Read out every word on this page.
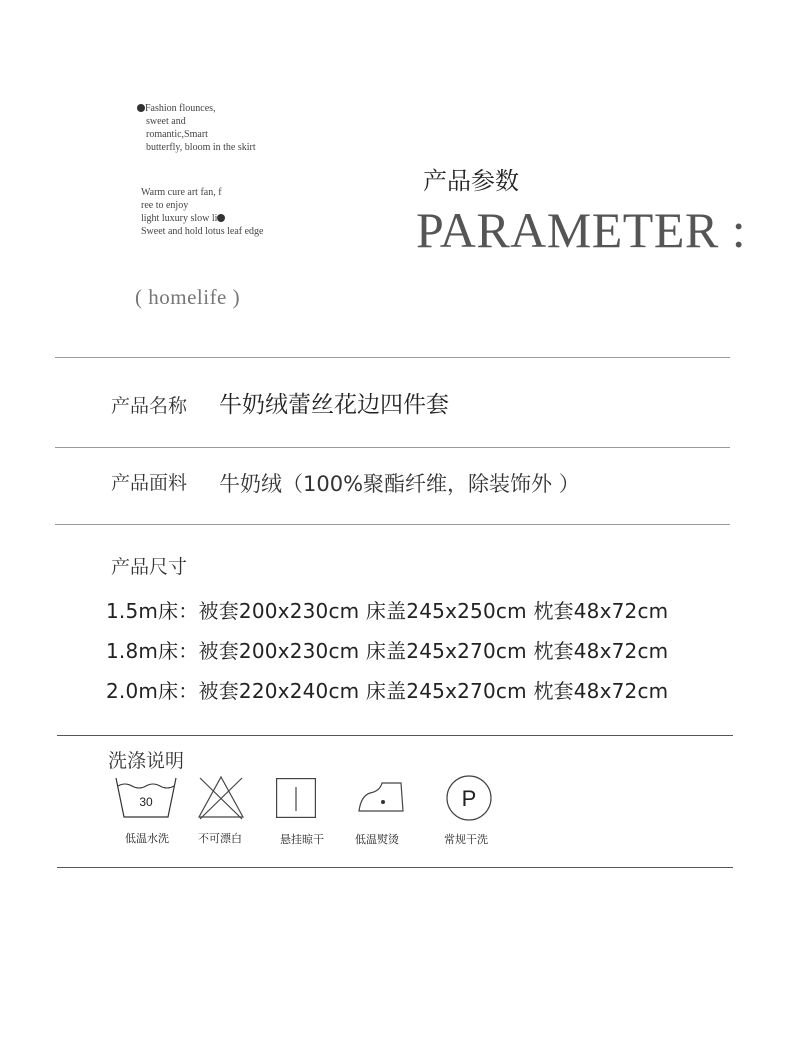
Fashion flounces,
sweet and
romantic,Smart
butterfly, bloom in the skirt
Warm cure art fan, f
ree to enjoy
light luxury slow li
Sweet and hold lotus leaf edge
( homelife )
产品参数
PARAMETER :
产品名称 牛奶绒蕾丝花边四件套
产品面料 牛奶绒（100%聚酯纤维，除装饰外 ）
产品尺寸
1.5m床：被套200x230cm 床盖245x250cm 枕套48x72cm
1.8m床：被套200x230cm 床盖245x270cm 枕套48x72cm
2.0m床：被套220x240cm 床盖245x270cm 枕套48x72cm
洗涤说明
30
低温水洗	不可漂白	悬挂晾干	低温熨烫
P
常规干洗
